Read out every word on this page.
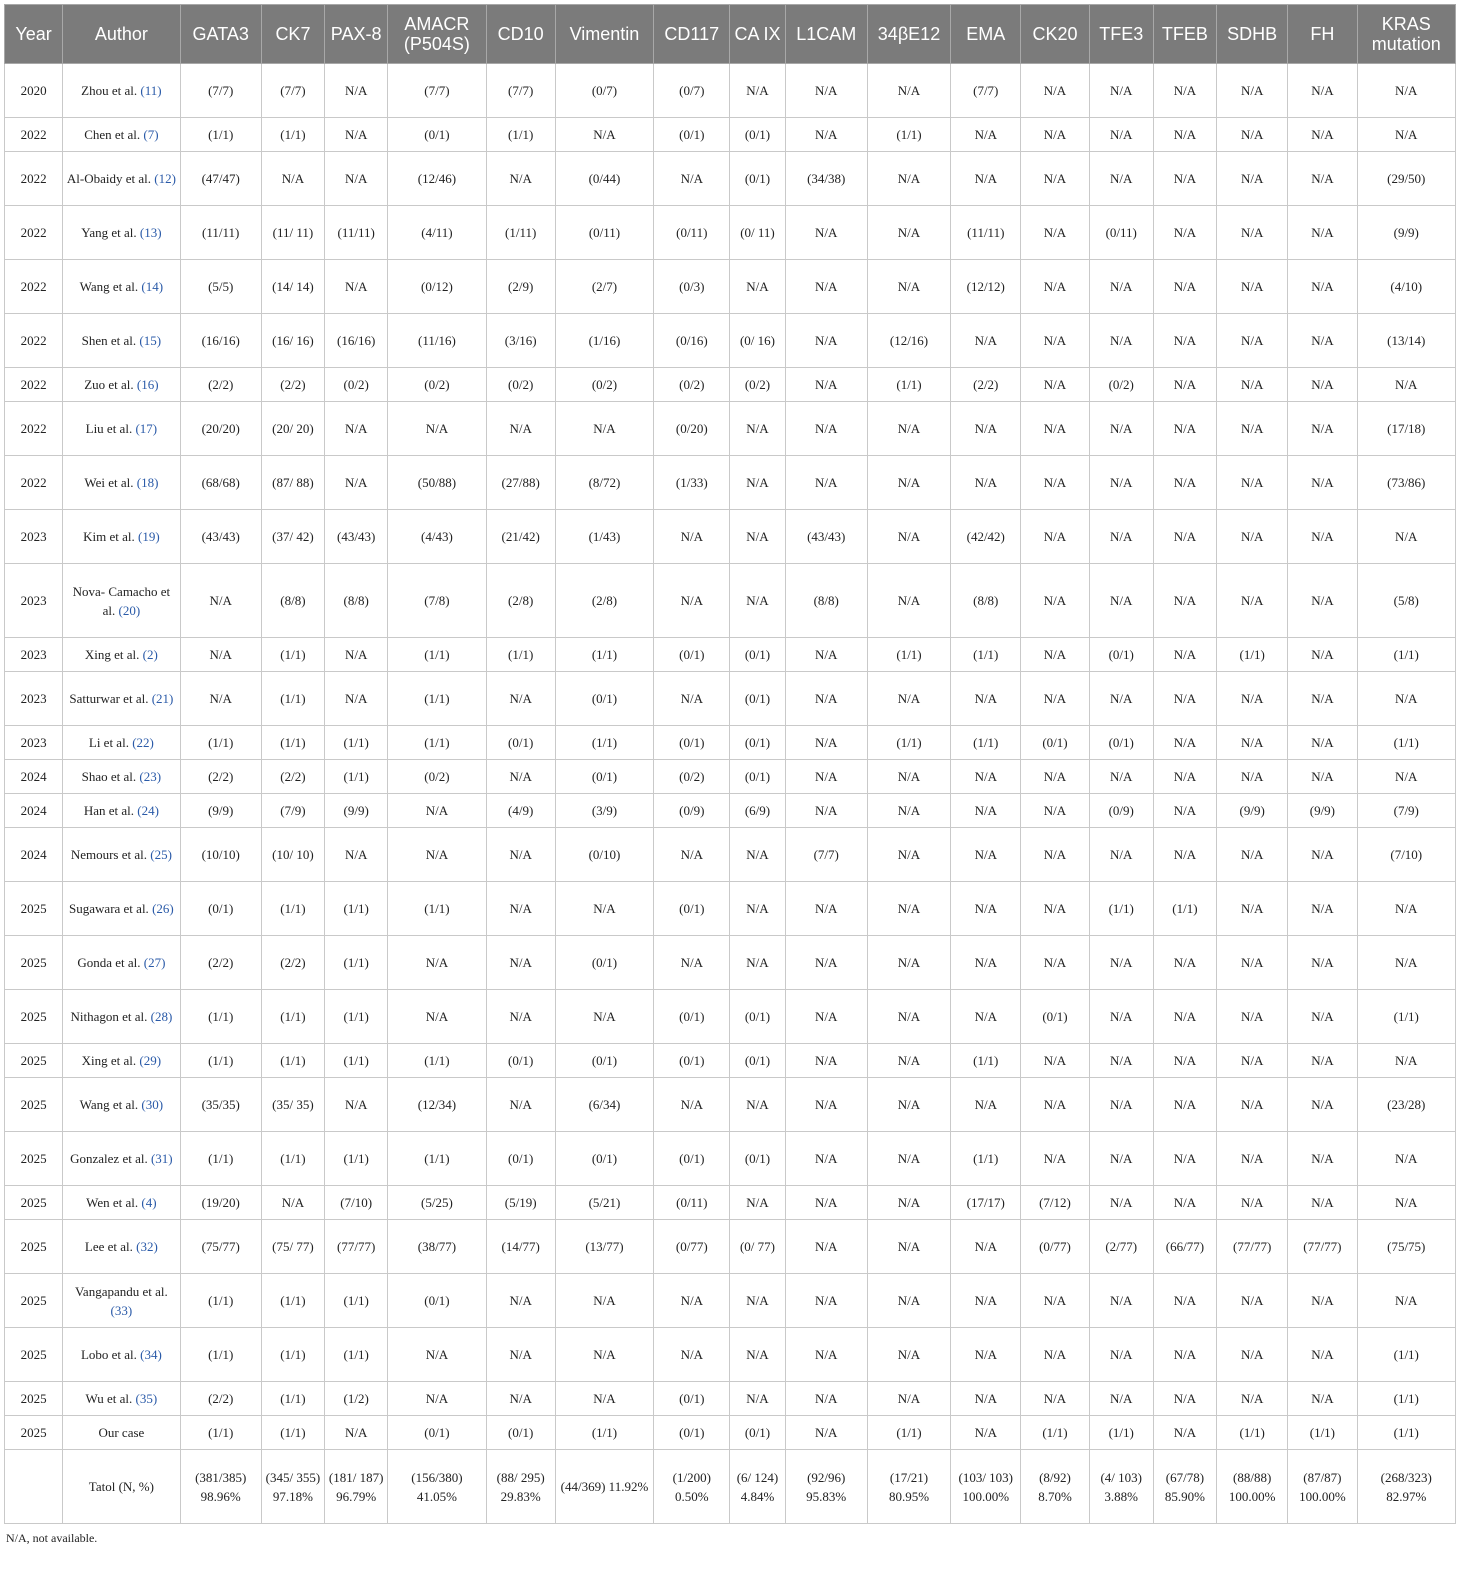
Year	Author	GATA3	CK7	PAX-8	AMACR (P504S)	CD10	Vimentin	CD117	CA IX	L1CAM	34βE12	EMA	CK20	TFE3	TFEB	SDHB	FH	KRAS mutation
2020	Zhou et al. (11)	(7/7)	(7/7)	N/A	(7/7)	(7/7)	(0/7)	(0/7)	N/A	N/A	N/A	(7/7)	N/A	N/A	N/A	N/A	N/A	N/A
2022	Chen et al. (7)	(1/1)	(1/1)	N/A	(0/1)	(1/1)	N/A	(0/1)	(0/1)	N/A	(1/1)	N/A	N/A	N/A	N/A	N/A	N/A	N/A
2022	Al-Obaidy et al. (12)	(47/47)	N/A	N/A	(12/46)	N/A	(0/44)	N/A	(0/1)	(34/38)	N/A	N/A	N/A	N/A	N/A	N/A	N/A	(29/50)
2022	Yang et al. (13)	(11/11)	(11/ 11)	(11/11)	(4/11)	(1/11)	(0/11)	(0/11)	(0/ 11)	N/A	N/A	(11/11)	N/A	(0/11)	N/A	N/A	N/A	(9/9)
2022	Wang et al. (14)	(5/5)	(14/ 14)	N/A	(0/12)	(2/9)	(2/7)	(0/3)	N/A	N/A	N/A	(12/12)	N/A	N/A	N/A	N/A	N/A	(4/10)
2022	Shen et al. (15)	(16/16)	(16/ 16)	(16/16)	(11/16)	(3/16)	(1/16)	(0/16)	(0/ 16)	N/A	(12/16)	N/A	N/A	N/A	N/A	N/A	N/A	(13/14)
2022	Zuo et al. (16)	(2/2)	(2/2)	(0/2)	(0/2)	(0/2)	(0/2)	(0/2)	(0/2)	N/A	(1/1)	(2/2)	N/A	(0/2)	N/A	N/A	N/A	N/A
2022	Liu et al. (17)	(20/20)	(20/ 20)	N/A	N/A	N/A	N/A	(0/20)	N/A	N/A	N/A	N/A	N/A	N/A	N/A	N/A	N/A	(17/18)
2022	Wei et al. (18)	(68/68)	(87/ 88)	N/A	(50/88)	(27/88)	(8/72)	(1/33)	N/A	N/A	N/A	N/A	N/A	N/A	N/A	N/A	N/A	(73/86)
2023	Kim et al. (19)	(43/43)	(37/ 42)	(43/43)	(4/43)	(21/42)	(1/43)	N/A	N/A	(43/43)	N/A	(42/42)	N/A	N/A	N/A	N/A	N/A	N/A
2023	Nova- Camacho et al. (20)	N/A	(8/8)	(8/8)	(7/8)	(2/8)	(2/8)	N/A	N/A	(8/8)	N/A	(8/8)	N/A	N/A	N/A	N/A	N/A	(5/8)
2023	Xing et al. (2)	N/A	(1/1)	N/A	(1/1)	(1/1)	(1/1)	(0/1)	(0/1)	N/A	(1/1)	(1/1)	N/A	(0/1)	N/A	(1/1)	N/A	(1/1)
2023	Satturwar et al. (21)	N/A	(1/1)	N/A	(1/1)	N/A	(0/1)	N/A	(0/1)	N/A	N/A	N/A	N/A	N/A	N/A	N/A	N/A	N/A
2023	Li et al. (22)	(1/1)	(1/1)	(1/1)	(1/1)	(0/1)	(1/1)	(0/1)	(0/1)	N/A	(1/1)	(1/1)	(0/1)	(0/1)	N/A	N/A	N/A	(1/1)
2024	Shao et al. (23)	(2/2)	(2/2)	(1/1)	(0/2)	N/A	(0/1)	(0/2)	(0/1)	N/A	N/A	N/A	N/A	N/A	N/A	N/A	N/A	N/A
2024	Han et al. (24)	(9/9)	(7/9)	(9/9)	N/A	(4/9)	(3/9)	(0/9)	(6/9)	N/A	N/A	N/A	N/A	(0/9)	N/A	(9/9)	(9/9)	(7/9)
2024	Nemours et al. (25)	(10/10)	(10/ 10)	N/A	N/A	N/A	(0/10)	N/A	N/A	(7/7)	N/A	N/A	N/A	N/A	N/A	N/A	N/A	(7/10)
2025	Sugawara et al. (26)	(0/1)	(1/1)	(1/1)	(1/1)	N/A	N/A	(0/1)	N/A	N/A	N/A	N/A	N/A	(1/1)	(1/1)	N/A	N/A	N/A
2025	Gonda et al. (27)	(2/2)	(2/2)	(1/1)	N/A	N/A	(0/1)	N/A	N/A	N/A	N/A	N/A	N/A	N/A	N/A	N/A	N/A	N/A
2025	Nithagon et al. (28)	(1/1)	(1/1)	(1/1)	N/A	N/A	N/A	(0/1)	(0/1)	N/A	N/A	N/A	(0/1)	N/A	N/A	N/A	N/A	(1/1)
2025	Xing et al. (29)	(1/1)	(1/1)	(1/1)	(1/1)	(0/1)	(0/1)	(0/1)	(0/1)	N/A	N/A	(1/1)	N/A	N/A	N/A	N/A	N/A	N/A
2025	Wang et al. (30)	(35/35)	(35/ 35)	N/A	(12/34)	N/A	(6/34)	N/A	N/A	N/A	N/A	N/A	N/A	N/A	N/A	N/A	N/A	(23/28)
2025	Gonzalez et al. (31)	(1/1)	(1/1)	(1/1)	(1/1)	(0/1)	(0/1)	(0/1)	(0/1)	N/A	N/A	(1/1)	N/A	N/A	N/A	N/A	N/A	N/A
2025	Wen et al. (4)	(19/20)	N/A	(7/10)	(5/25)	(5/19)	(5/21)	(0/11)	N/A	N/A	N/A	(17/17)	(7/12)	N/A	N/A	N/A	N/A	N/A
2025	Lee et al. (32)	(75/77)	(75/ 77)	(77/77)	(38/77)	(14/77)	(13/77)	(0/77)	(0/ 77)	N/A	N/A	N/A	(0/77)	(2/77)	(66/77)	(77/77)	(77/77)	(75/75)
2025	Vangapandu et al. (33)	(1/1)	(1/1)	(1/1)	(0/1)	N/A	N/A	N/A	N/A	N/A	N/A	N/A	N/A	N/A	N/A	N/A	N/A	N/A
2025	Lobo et al. (34)	(1/1)	(1/1)	(1/1)	N/A	N/A	N/A	N/A	N/A	N/A	N/A	N/A	N/A	N/A	N/A	N/A	N/A	(1/1)
2025	Wu et al. (35)	(2/2)	(1/1)	(1/2)	N/A	N/A	N/A	(0/1)	N/A	N/A	N/A	N/A	N/A	N/A	N/A	N/A	N/A	(1/1)
2025	Our case	(1/1)	(1/1)	N/A	(0/1)	(0/1)	(1/1)	(0/1)	(0/1)	N/A	(1/1)	N/A	(1/1)	(1/1)	N/A	(1/1)	(1/1)	(1/1)
	Tatol (N, %)	(381/385) 98.96%	(345/ 355) 97.18%	(181/ 187) 96.79%	(156/380) 41.05%	(88/ 295) 29.83%	(44/369) 11.92%	(1/200) 0.50%	(6/ 124) 4.84%	(92/96) 95.83%	(17/21) 80.95%	(103/ 103) 100.00%	(8/92) 8.70%	(4/ 103) 3.88%	(67/78) 85.90%	(88/88) 100.00%	(87/87) 100.00%	(268/323) 82.97%
N/A, not available.
